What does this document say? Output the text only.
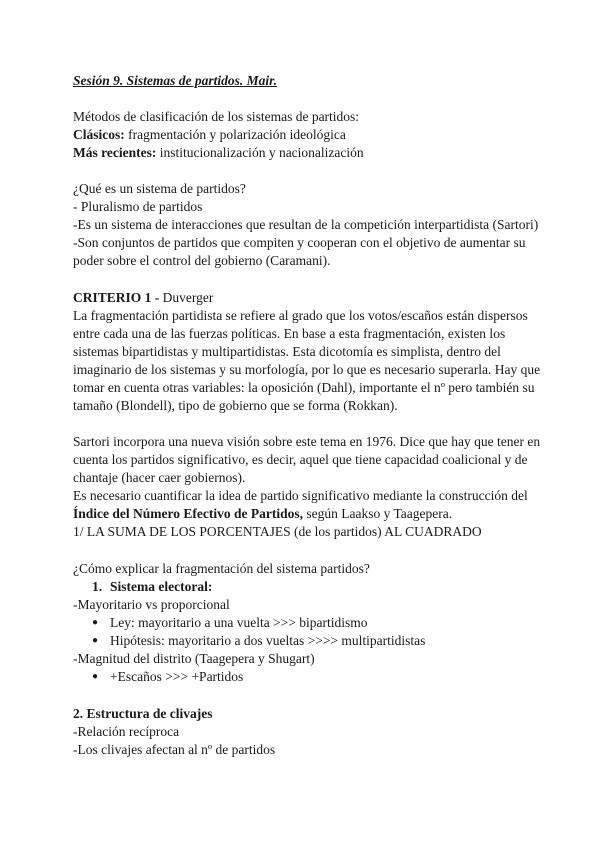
Sesión 9. Sistemas de partidos. Mair.
Métodos de clasificación de los sistemas de partidos:
Clásicos: fragmentación y polarización ideológica
Más recientes: institucionalización y nacionalización
¿Qué es un sistema de partidos?
- Pluralismo de partidos
-Es un sistema de interacciones que resultan de la competición interpartidista (Sartori)
-Son conjuntos de partidos que compiten y cooperan con el objetivo de aumentar su
poder sobre el control del gobierno (Caramani).
CRITERIO 1 - Duverger
La fragmentación partidista se refiere al grado que los votos/escaños están dispersos
entre cada una de las fuerzas políticas. En base a esta fragmentación, existen los
sistemas bipartidistas y multipartidistas. Esta dicotomía es simplista, dentro del
imaginario de los sistemas y su morfología, por lo que es necesario superarla. Hay que
tomar en cuenta otras variables: la oposición (Dahl), importante el nº pero también su
tamaño (Blondell), tipo de gobierno que se forma (Rokkan).
Sartori incorpora una nueva visión sobre este tema en 1976. Dice que hay que tener en
cuenta los partidos significativo, es decir, aquel que tiene capacidad coalicional y de
chantaje (hacer caer gobiernos).
Es necesario cuantificar la idea de partido significativo mediante la construcción del
Índice del Número Efectivo de Partidos, según Laakso y Taagepera.
1/ LA SUMA DE LOS PORCENTAJES (de los partidos) AL CUADRADO
¿Cómo explicar la fragmentación del sistema partidos?
1. Sistema electoral:
-Mayoritario vs proporcional
● Ley: mayoritario a una vuelta >>> bipartidismo
● Hipótesis: mayoritario a dos vueltas >>>> multipartidistas
-Magnitud del distrito (Taagepera y Shugart)
● +Escaños >>> +Partidos
2. Estructura de clivajes
-Relación recíproca
-Los clivajes afectan al nº de partidos
